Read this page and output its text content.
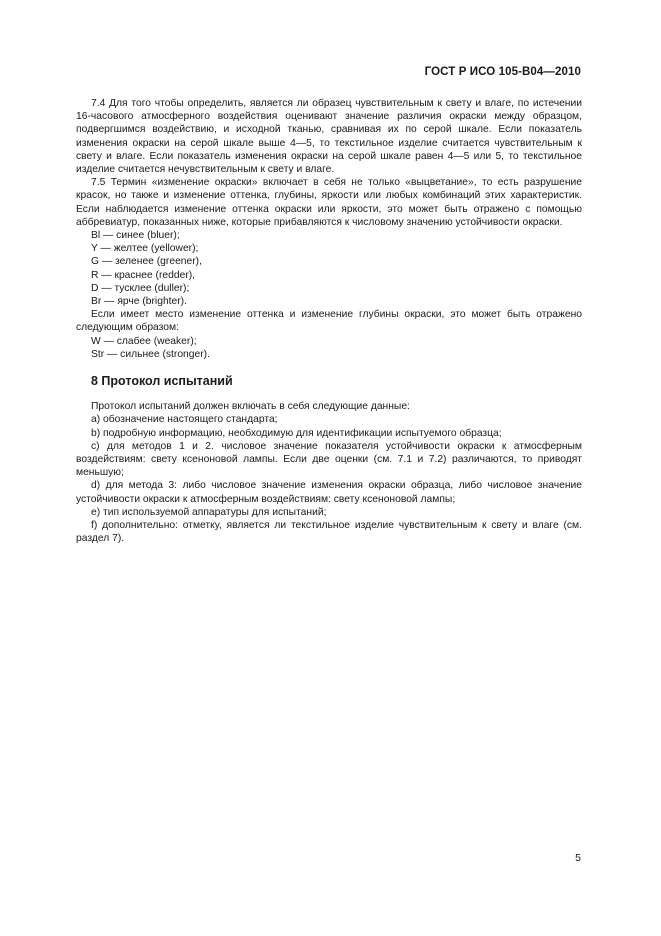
ГОСТ Р ИСО 105-В04—2010

7.4 Для того чтобы определить, является ли образец чувствительным к свету и влаге, по истечении 16-часового атмосферного воздействия оценивают значение различия окраски между образцом, подвергшимся воздействию, и исходной тканью, сравнивая их по серой шкале. Если показатель изменения окраски на серой шкале выше 4—5, то текстильное изделие считается чувствительным к свету и влаге. Если показатель изменения окраски на серой шкале равен 4—5 или 5, то текстильное изделие считается нечувствительным к свету и влаге.

7.5 Термин «изменение окраски» включает в себя не только «выцветание», то есть разрушение красок, но также и изменение оттенка, глубины, яркости или любых комбинаций этих характеристик. Если наблюдается изменение оттенка окраски или яркости, это может быть отражено с помощью аббревиатур, показанных ниже, которые прибавляются к числовому значению устойчивости окраски.

Bl — синее (bluer);

Y — желтее (yellower);

G — зеленее (greener),

R — краснее (redder),

D — тусклее (duller);

Br — ярче (brighter).

Если имеет место изменение оттенка и изменение глубины окраски, это может быть отражено следующим образом:

W — слабее (weaker);

Str — сильнее (stronger).

8 Протокол испытаний

Протокол испытаний должен включать в себя следующие данные:

а) обозначение настоящего стандарта;

b) подробную информацию, необходимую для идентификации испытуемого образца;

с) для методов 1 и 2. числовое значение показателя устойчивости окраски к атмосферным воздействиям: свету ксеноновой лампы. Если две оценки (см. 7.1 и 7.2) различаются, то приводят меньшую;

d) для метода 3: либо числовое значение изменения окраски образца, либо числовое значение устойчивости окраски к атмосферным воздействиям: свету ксеноновой лампы;

е) тип используемой аппаратуры для испытаний;

f) дополнительно: отметку, является ли текстильное изделие чувствительным к свету и влаге (см. раздел 7).

5
